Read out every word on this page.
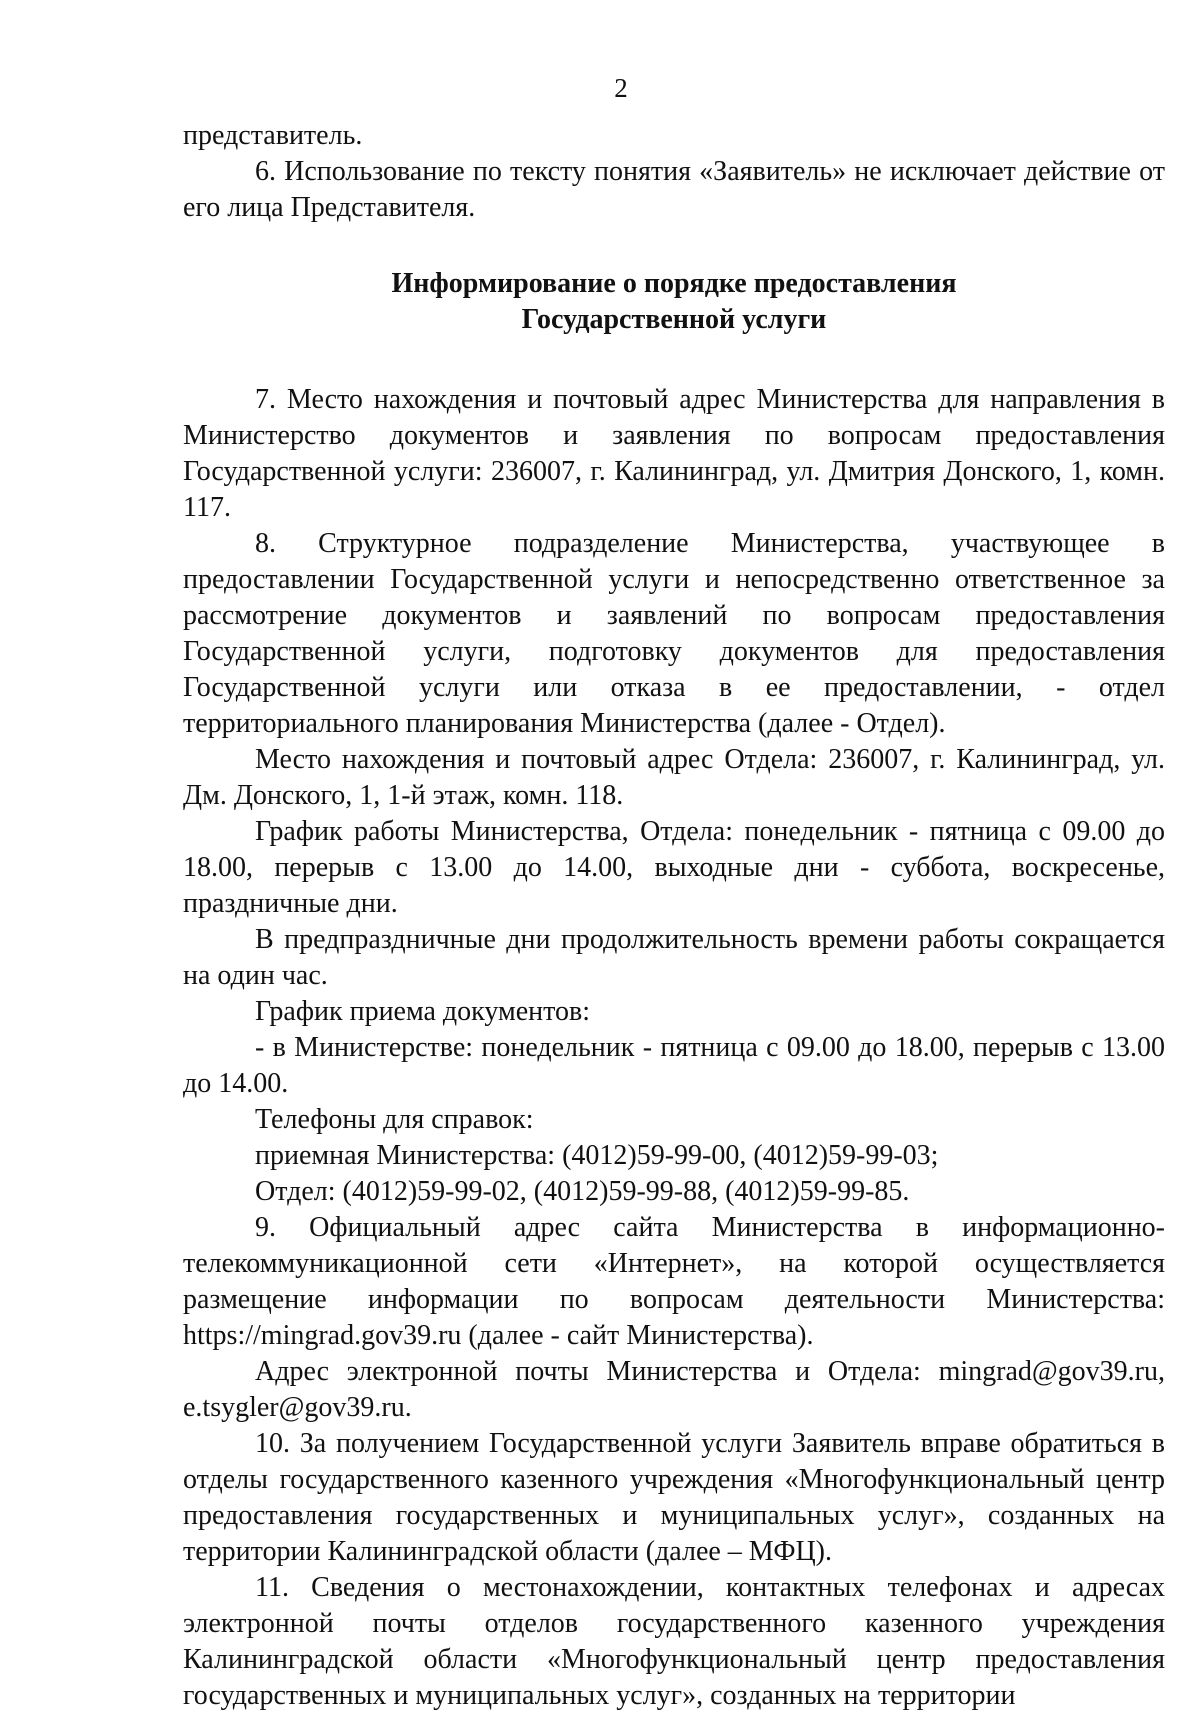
2

представитель.

6. Использование по тексту понятия «Заявитель» не исключает действие от его лица Представителя.

Информирование о порядке предоставления
Государственной услуги

7. Место нахождения и почтовый адрес Министерства для направления в Министерство документов и заявления по вопросам предоставления Государственной услуги: 236007, г. Калининград, ул. Дмитрия Донского, 1, комн. 117.

8. Структурное подразделение Министерства, участвующее в предоставлении Государственной услуги и непосредственно ответственное за рассмотрение документов и заявлений по вопросам предоставления Государственной услуги, подготовку документов для предоставления Государственной услуги или отказа в ее предоставлении, - отдел территориального планирования Министерства (далее - Отдел).

Место нахождения и почтовый адрес Отдела: 236007, г. Калининград, ул. Дм. Донского, 1, 1-й этаж, комн. 118.

График работы Министерства, Отдела: понедельник - пятница с 09.00 до 18.00, перерыв с 13.00 до 14.00, выходные дни - суббота, воскресенье, праздничные дни.

В предпраздничные дни продолжительность времени работы сокращается на один час.

График приема документов:

- в Министерстве: понедельник - пятница с 09.00 до 18.00, перерыв с 13.00 до 14.00.

Телефоны для справок:

приемная Министерства: (4012)59-99-00, (4012)59-99-03;

Отдел: (4012)59-99-02, (4012)59-99-88, (4012)59-99-85.

9. Официальный адрес сайта Министерства в информационно-телекоммуникационной сети «Интернет», на которой осуществляется размещение информации по вопросам деятельности Министерства: https://mingrad.gov39.ru (далее - сайт Министерства).

Адрес электронной почты Министерства и Отдела: mingrad@gov39.ru, e.tsygler@gov39.ru.

10. За получением Государственной услуги Заявитель вправе обратиться в отделы государственного казенного учреждения «Многофункциональный центр предоставления государственных и муниципальных услуг», созданных на территории Калининградской области (далее – МФЦ).

11. Сведения о местонахождении, контактных телефонах и адресах электронной почты отделов государственного казенного учреждения Калининградской области «Многофункциональный центр предоставления государственных и муниципальных услуг», созданных на территории
